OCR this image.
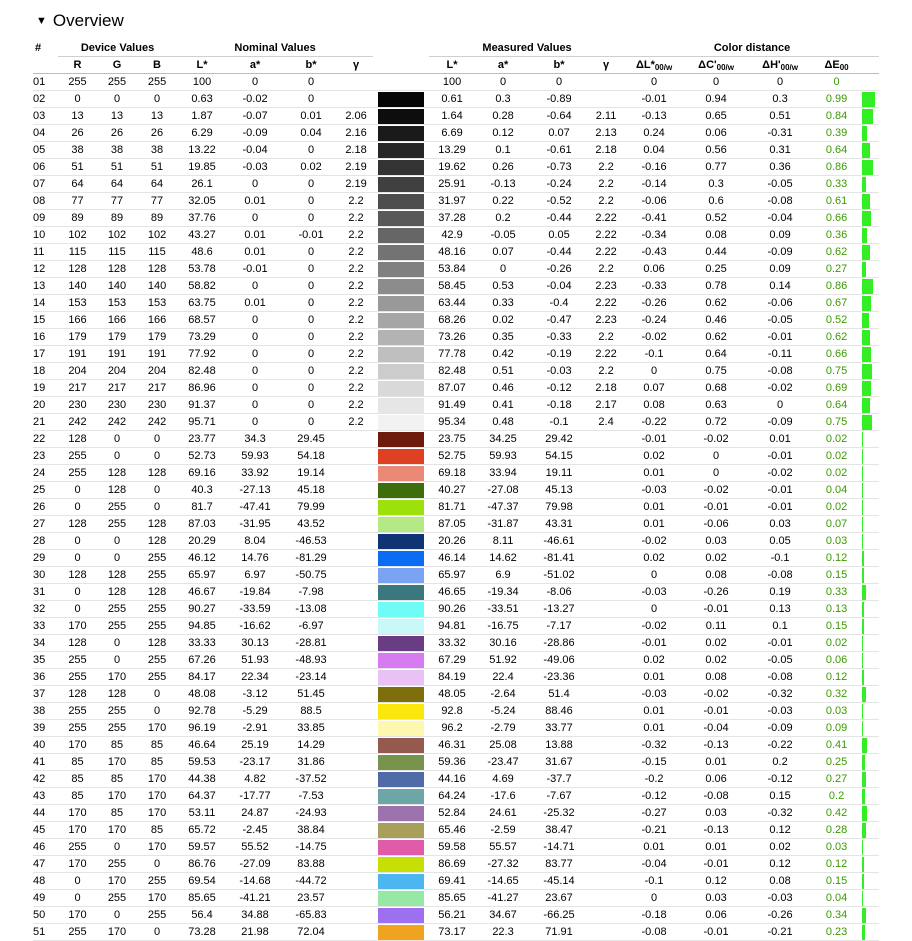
▼ Overview
#	Device Values			Nominal Values					Measured Values				Color distance				
	R	G	B	L*	a*	b*	γ		L*	a*	b*	γ	$\Delta L*_{00/w}$	$\Delta C'_{00/w}$	$\Delta H'_{00/w}$	$\Delta E_{00}$	
01	255	255	255	100	0	0			100	0	0		0	0	0	0	
02	0	0	0	0.63	-0.02	0			0.61	0.3	-0.89		-0.01	0.94	0.3	0.99	

03	13	13	13	1.87	-0.07	0.01	2.06		1.64	0.28	-0.64	2.11	-0.13	0.65	0.51	0.84	

04	26	26	26	6.29	-0.09	0.04	2.16		6.69	0.12	0.07	2.13	0.24	0.06	-0.31	0.39	

05	38	38	38	13.22	-0.04	0	2.18		13.29	0.1	-0.61	2.18	0.04	0.56	0.31	0.64	

06	51	51	51	19.85	-0.03	0.02	2.19		19.62	0.26	-0.73	2.2	-0.16	0.77	0.36	0.86	

07	64	64	64	26.1	0	0	2.19		25.91	-0.13	-0.24	2.2	-0.14	0.3	-0.05	0.33	

08	77	77	77	32.05	0.01	0	2.2		31.97	0.22	-0.52	2.2	-0.06	0.6	-0.08	0.61	

09	89	89	89	37.76	0	0	2.2		37.28	0.2	-0.44	2.22	-0.41	0.52	-0.04	0.66	

10	102	102	102	43.27	0.01	-0.01	2.2		42.9	-0.05	0.05	2.22	-0.34	0.08	0.09	0.36	

11	115	115	115	48.6	0.01	0	2.2		48.16	0.07	-0.44	2.22	-0.43	0.44	-0.09	0.62	

12	128	128	128	53.78	-0.01	0	2.2		53.84	0	-0.26	2.2	0.06	0.25	0.09	0.27	

13	140	140	140	58.82	0	0	2.2		58.45	0.53	-0.04	2.23	-0.33	0.78	0.14	0.86	

14	153	153	153	63.75	0.01	0	2.2		63.44	0.33	-0.4	2.22	-0.26	0.62	-0.06	0.67	

15	166	166	166	68.57	0	0	2.2		68.26	0.02	-0.47	2.23	-0.24	0.46	-0.05	0.52	

16	179	179	179	73.29	0	0	2.2		73.26	0.35	-0.33	2.2	-0.02	0.62	-0.01	0.62	

17	191	191	191	77.92	0	0	2.2		77.78	0.42	-0.19	2.22	-0.1	0.64	-0.11	0.66	

18	204	204	204	82.48	0	0	2.2		82.48	0.51	-0.03	2.2	0	0.75	-0.08	0.75	

19	217	217	217	86.96	0	0	2.2		87.07	0.46	-0.12	2.18	0.07	0.68	-0.02	0.69	

20	230	230	230	91.37	0	0	2.2		91.49	0.41	-0.18	2.17	0.08	0.63	0	0.64	

21	242	242	242	95.71	0	0	2.2		95.34	0.48	-0.1	2.4	-0.22	0.72	-0.09	0.75	

22	128	0	0	23.77	34.3	29.45			23.75	34.25	29.42		-0.01	-0.02	0.01	0.02	

23	255	0	0	52.73	59.93	54.18			52.75	59.93	54.15		0.02	0	-0.01	0.02	

24	255	128	128	69.16	33.92	19.14			69.18	33.94	19.11		0.01	0	-0.02	0.02	

25	0	128	0	40.3	-27.13	45.18			40.27	-27.08	45.13		-0.03	-0.02	-0.01	0.04	

26	0	255	0	81.7	-47.41	79.99			81.71	-47.37	79.98		0.01	-0.01	-0.01	0.02	

27	128	255	128	87.03	-31.95	43.52			87.05	-31.87	43.31		0.01	-0.06	0.03	0.07	

28	0	0	128	20.29	8.04	-46.53			20.26	8.11	-46.61		-0.02	0.03	0.05	0.03	

29	0	0	255	46.12	14.76	-81.29			46.14	14.62	-81.41		0.02	0.02	-0.1	0.12	

30	128	128	255	65.97	6.97	-50.75			65.97	6.9	-51.02		0	0.08	-0.08	0.15	

31	0	128	128	46.67	-19.84	-7.98			46.65	-19.34	-8.06		-0.03	-0.26	0.19	0.33	

32	0	255	255	90.27	-33.59	-13.08			90.26	-33.51	-13.27		0	-0.01	0.13	0.13	

33	170	255	255	94.85	-16.62	-6.97			94.81	-16.75	-7.17		-0.02	0.11	0.1	0.15	

34	128	0	128	33.33	30.13	-28.81			33.32	30.16	-28.86		-0.01	0.02	-0.01	0.02	

35	255	0	255	67.26	51.93	-48.93			67.29	51.92	-49.06		0.02	0.02	-0.05	0.06	

36	255	170	255	84.17	22.34	-23.14			84.19	22.4	-23.36		0.01	0.08	-0.08	0.12	

37	128	128	0	48.08	-3.12	51.45			48.05	-2.64	51.4		-0.03	-0.02	-0.32	0.32	

38	255	255	0	92.78	-5.29	88.5			92.8	-5.24	88.46		0.01	-0.01	-0.03	0.03	

39	255	255	170	96.19	-2.91	33.85			96.2	-2.79	33.77		0.01	-0.04	-0.09	0.09	

40	170	85	85	46.64	25.19	14.29			46.31	25.08	13.88		-0.32	-0.13	-0.22	0.41	

41	85	170	85	59.53	-23.17	31.86			59.36	-23.47	31.67		-0.15	0.01	0.2	0.25	

42	85	85	170	44.38	4.82	-37.52			44.16	4.69	-37.7		-0.2	0.06	-0.12	0.27	

43	85	170	170	64.37	-17.77	-7.53			64.24	-17.6	-7.67		-0.12	-0.08	0.15	0.2	

44	170	85	170	53.11	24.87	-24.93			52.84	24.61	-25.32		-0.27	0.03	-0.32	0.42	

45	170	170	85	65.72	-2.45	38.84			65.46	-2.59	38.47		-0.21	-0.13	0.12	0.28	

46	255	0	170	59.57	55.52	-14.75			59.58	55.57	-14.71		0.01	0.01	0.02	0.03	

47	170	255	0	86.76	-27.09	83.88			86.69	-27.32	83.77		-0.04	-0.01	0.12	0.12	

48	0	170	255	69.54	-14.68	-44.72			69.41	-14.65	-45.14		-0.1	0.12	0.08	0.15	

49	0	255	170	85.65	-41.21	23.57			85.65	-41.27	23.67		0	0.03	-0.03	0.04	

50	170	0	255	56.4	34.88	-65.83			56.21	34.67	-66.25		-0.18	0.06	-0.26	0.34	

51	255	170	0	73.28	21.98	72.04			73.17	22.3	71.91		-0.08	-0.01	-0.21	0.23	
